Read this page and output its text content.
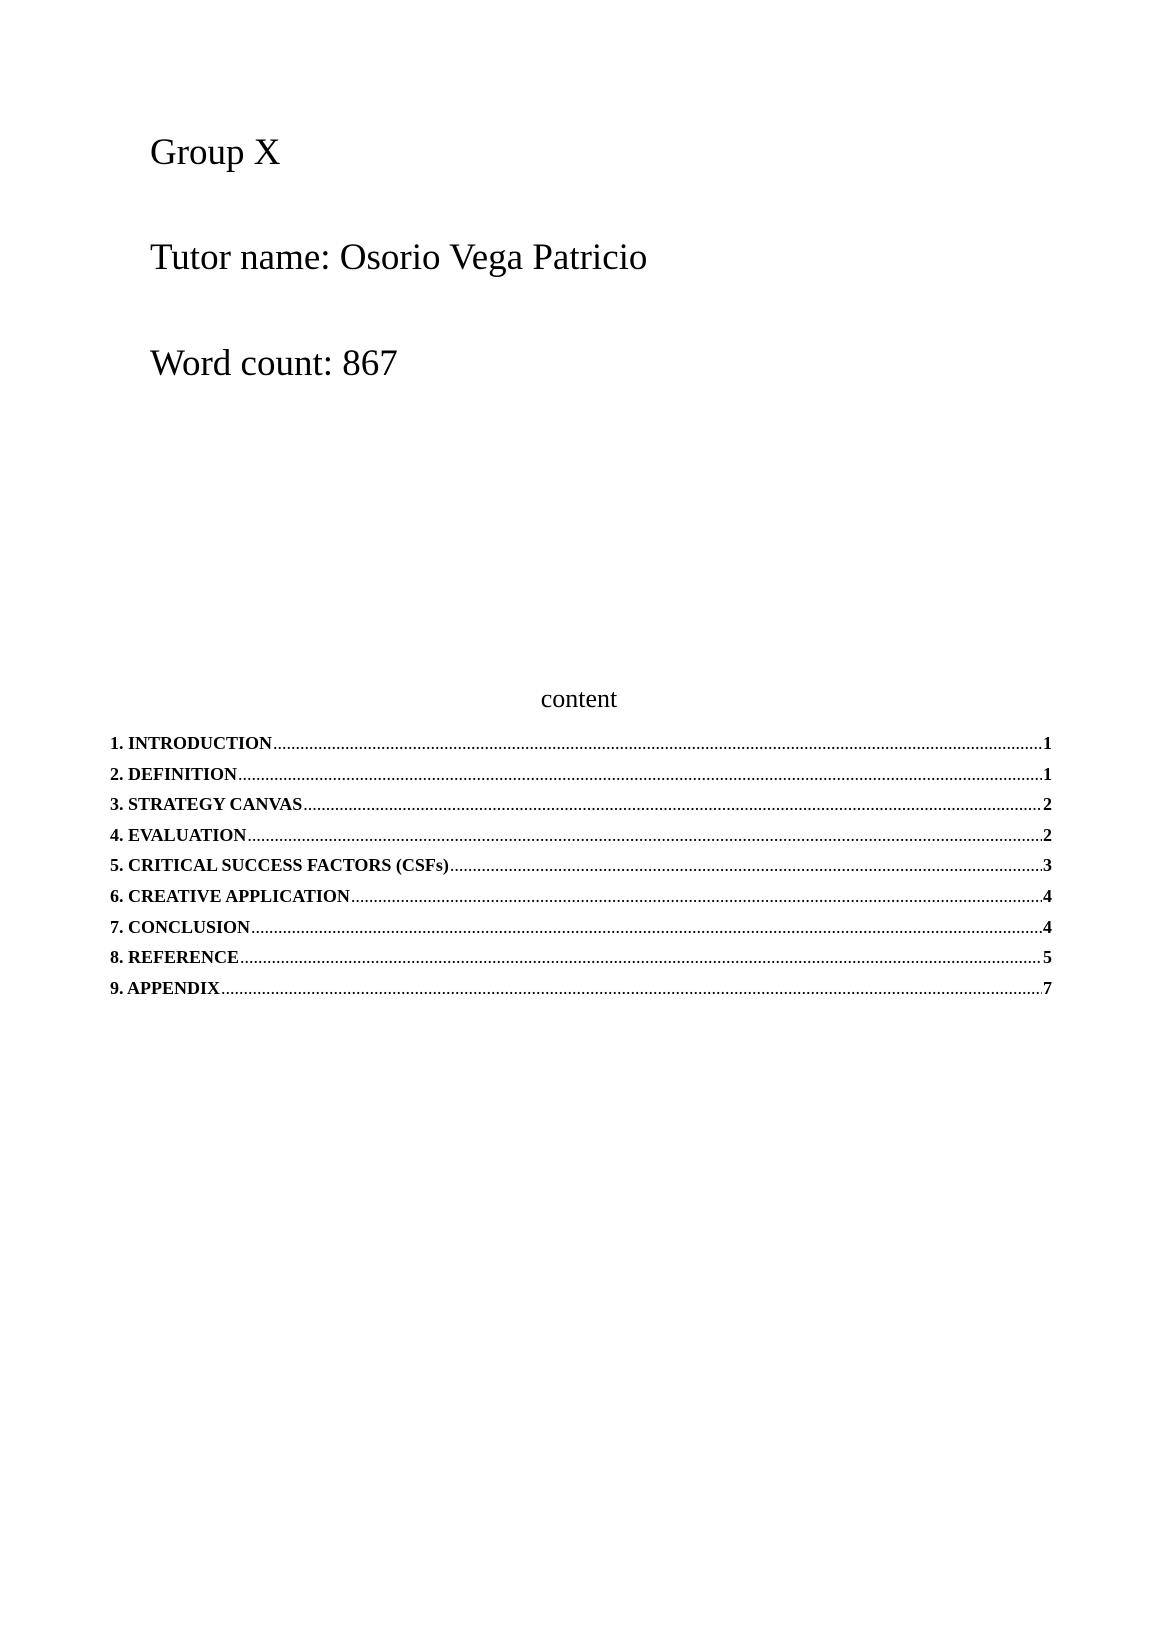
Group X
Tutor name: Osorio Vega Patricio
Word count: 867
content
1. INTRODUCTION .....	1
2. DEFINITION .....	1
3. STRATEGY CANVAS .....	2
4. EVALUATION .....	2
5. CRITICAL SUCCESS FACTORS (CSFs) .....	3
6. CREATIVE APPLICATION .....	4
7. CONCLUSION .....	4
8. REFERENCE .....	5
9. APPENDIX .....	7
